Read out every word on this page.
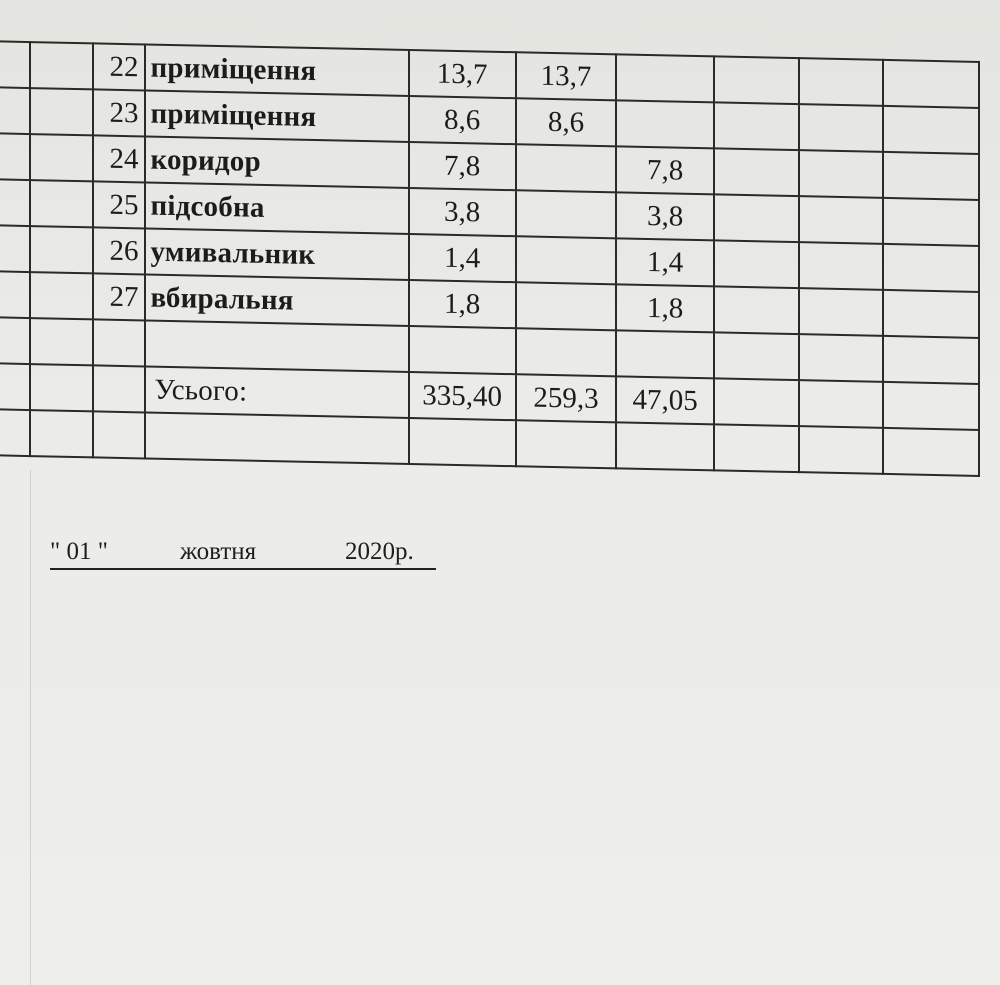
		22	приміщення	13,7	13,7				
		23	приміщення	8,6	8,6				
		24	коридор	7,8		7,8			
		25	підсобна	3,8		3,8			
		26	умивальник	1,4		1,4			
		27	вбиральня	1,8		1,8			

			Усього:	335,40	259,3	47,05			

" 01 "	жовтня	2020р.
